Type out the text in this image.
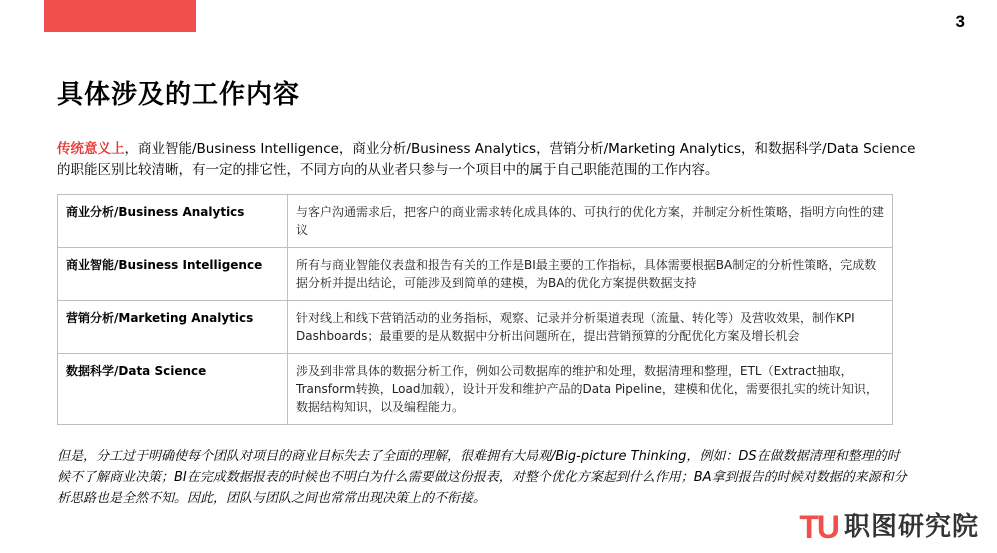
3
具体涉及的工作内容
传统意义上，商业智能/Business Intelligence，商业分析/Business Analytics，营销分析/Marketing Analytics，和数据科学/Data Science 的职能区别比较清晰，有一定的排它性，不同方向的从业者只参与一个项目中的属于自己职能范围的工作内容。
商业分析/Business Analytics	与客户沟通需求后，把客户的商业需求转化成具体的、可执行的优化方案，并制定分析性策略，指明方向性的建议
商业智能/Business Intelligence	所有与商业智能仪表盘和报告有关的工作是BI最主要的工作指标，具体需要根据BA制定的分析性策略，完成数据分析并提出结论，可能涉及到简单的建模，为BA的优化方案提供数据支持
营销分析/Marketing Analytics	针对线上和线下营销活动的业务指标，观察、记录并分析渠道表现（流量、转化等）及营收效果，制作KPI Dashboards；最重要的是从数据中分析出问题所在，提出营销预算的分配优化方案及增长机会
数据科学/Data Science	涉及到非常具体的数据分析工作，例如公司数据库的维护和处理，数据清理和整理，ETL（Extract抽取，Transform转换，Load加载），设计开发和维护产品的Data Pipeline，建模和优化，需要很扎实的统计知识，数据结构知识，以及编程能力。
但是，分工过于明确使每个团队对项目的商业目标失去了全面的理解，很难拥有大局观/Big-picture Thinking，例如：DS在做数据清理和整理的时候不了解商业决策；BI在完成数据报表的时候也不明白为什么需要做这份报表，对整个优化方案起到什么作用；BA拿到报告的时候对数据的来源和分析思路也是全然不知。因此，团队与团队之间也常常出现决策上的不衔接。
TU 职图研究院
